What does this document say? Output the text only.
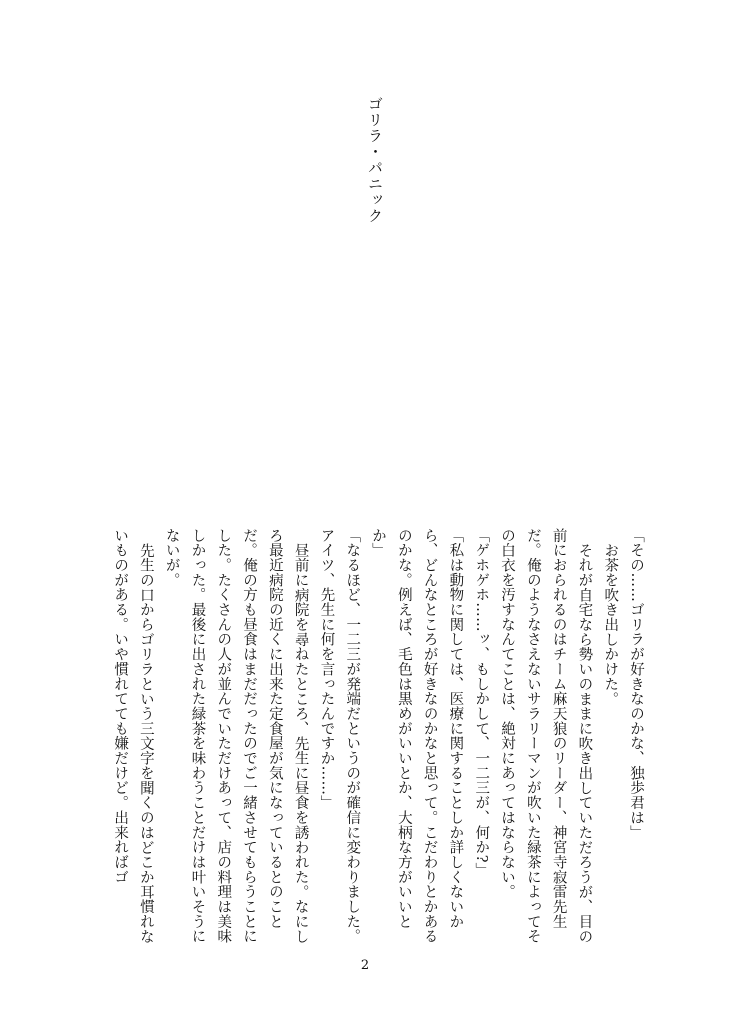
ゴリラ・パニック

「その……ゴリラが好きなのかな、独歩君は」

お茶を吹き出しかけた。

それが自宅なら勢いのままに吹き出していただろうが、目の前におられるのはチーム麻天狼のリーダー、神宮寺寂雷先生だ。俺のようなさえないサラリーマンが吹いた緑茶によってその白衣を汚すなんてことは、絶対にあってはならない。

「ゲホゲホ……ッ、もしかして、一二三が、何か?」

「私は動物に関しては、医療に関することしか詳しくないから、どんなところが好きなのかなと思って。こだわりとかあるのかな。例えば、毛色は黒めがいいとか、大柄な方がいいとか」

「なるほど、一二三が発端だというのが確信に変わりました。アイツ、先生に何を言ったんですか……」

昼前に病院を尋ねたところ、先生に昼食を誘われた。なにしろ最近病院の近くに出来た定食屋が気になっているとのことだ。俺の方も昼食はまだだったのでご一緒させてもらうことにした。たくさんの人が並んでいただけあって、店の料理は美味しかった。最後に出された緑茶を味わうことだけは叶いそうにないが。

先生の口からゴリラという三文字を聞くのはどこか耳慣れないものがある。いや慣れてても嫌だけど。出来ればゴ

2
